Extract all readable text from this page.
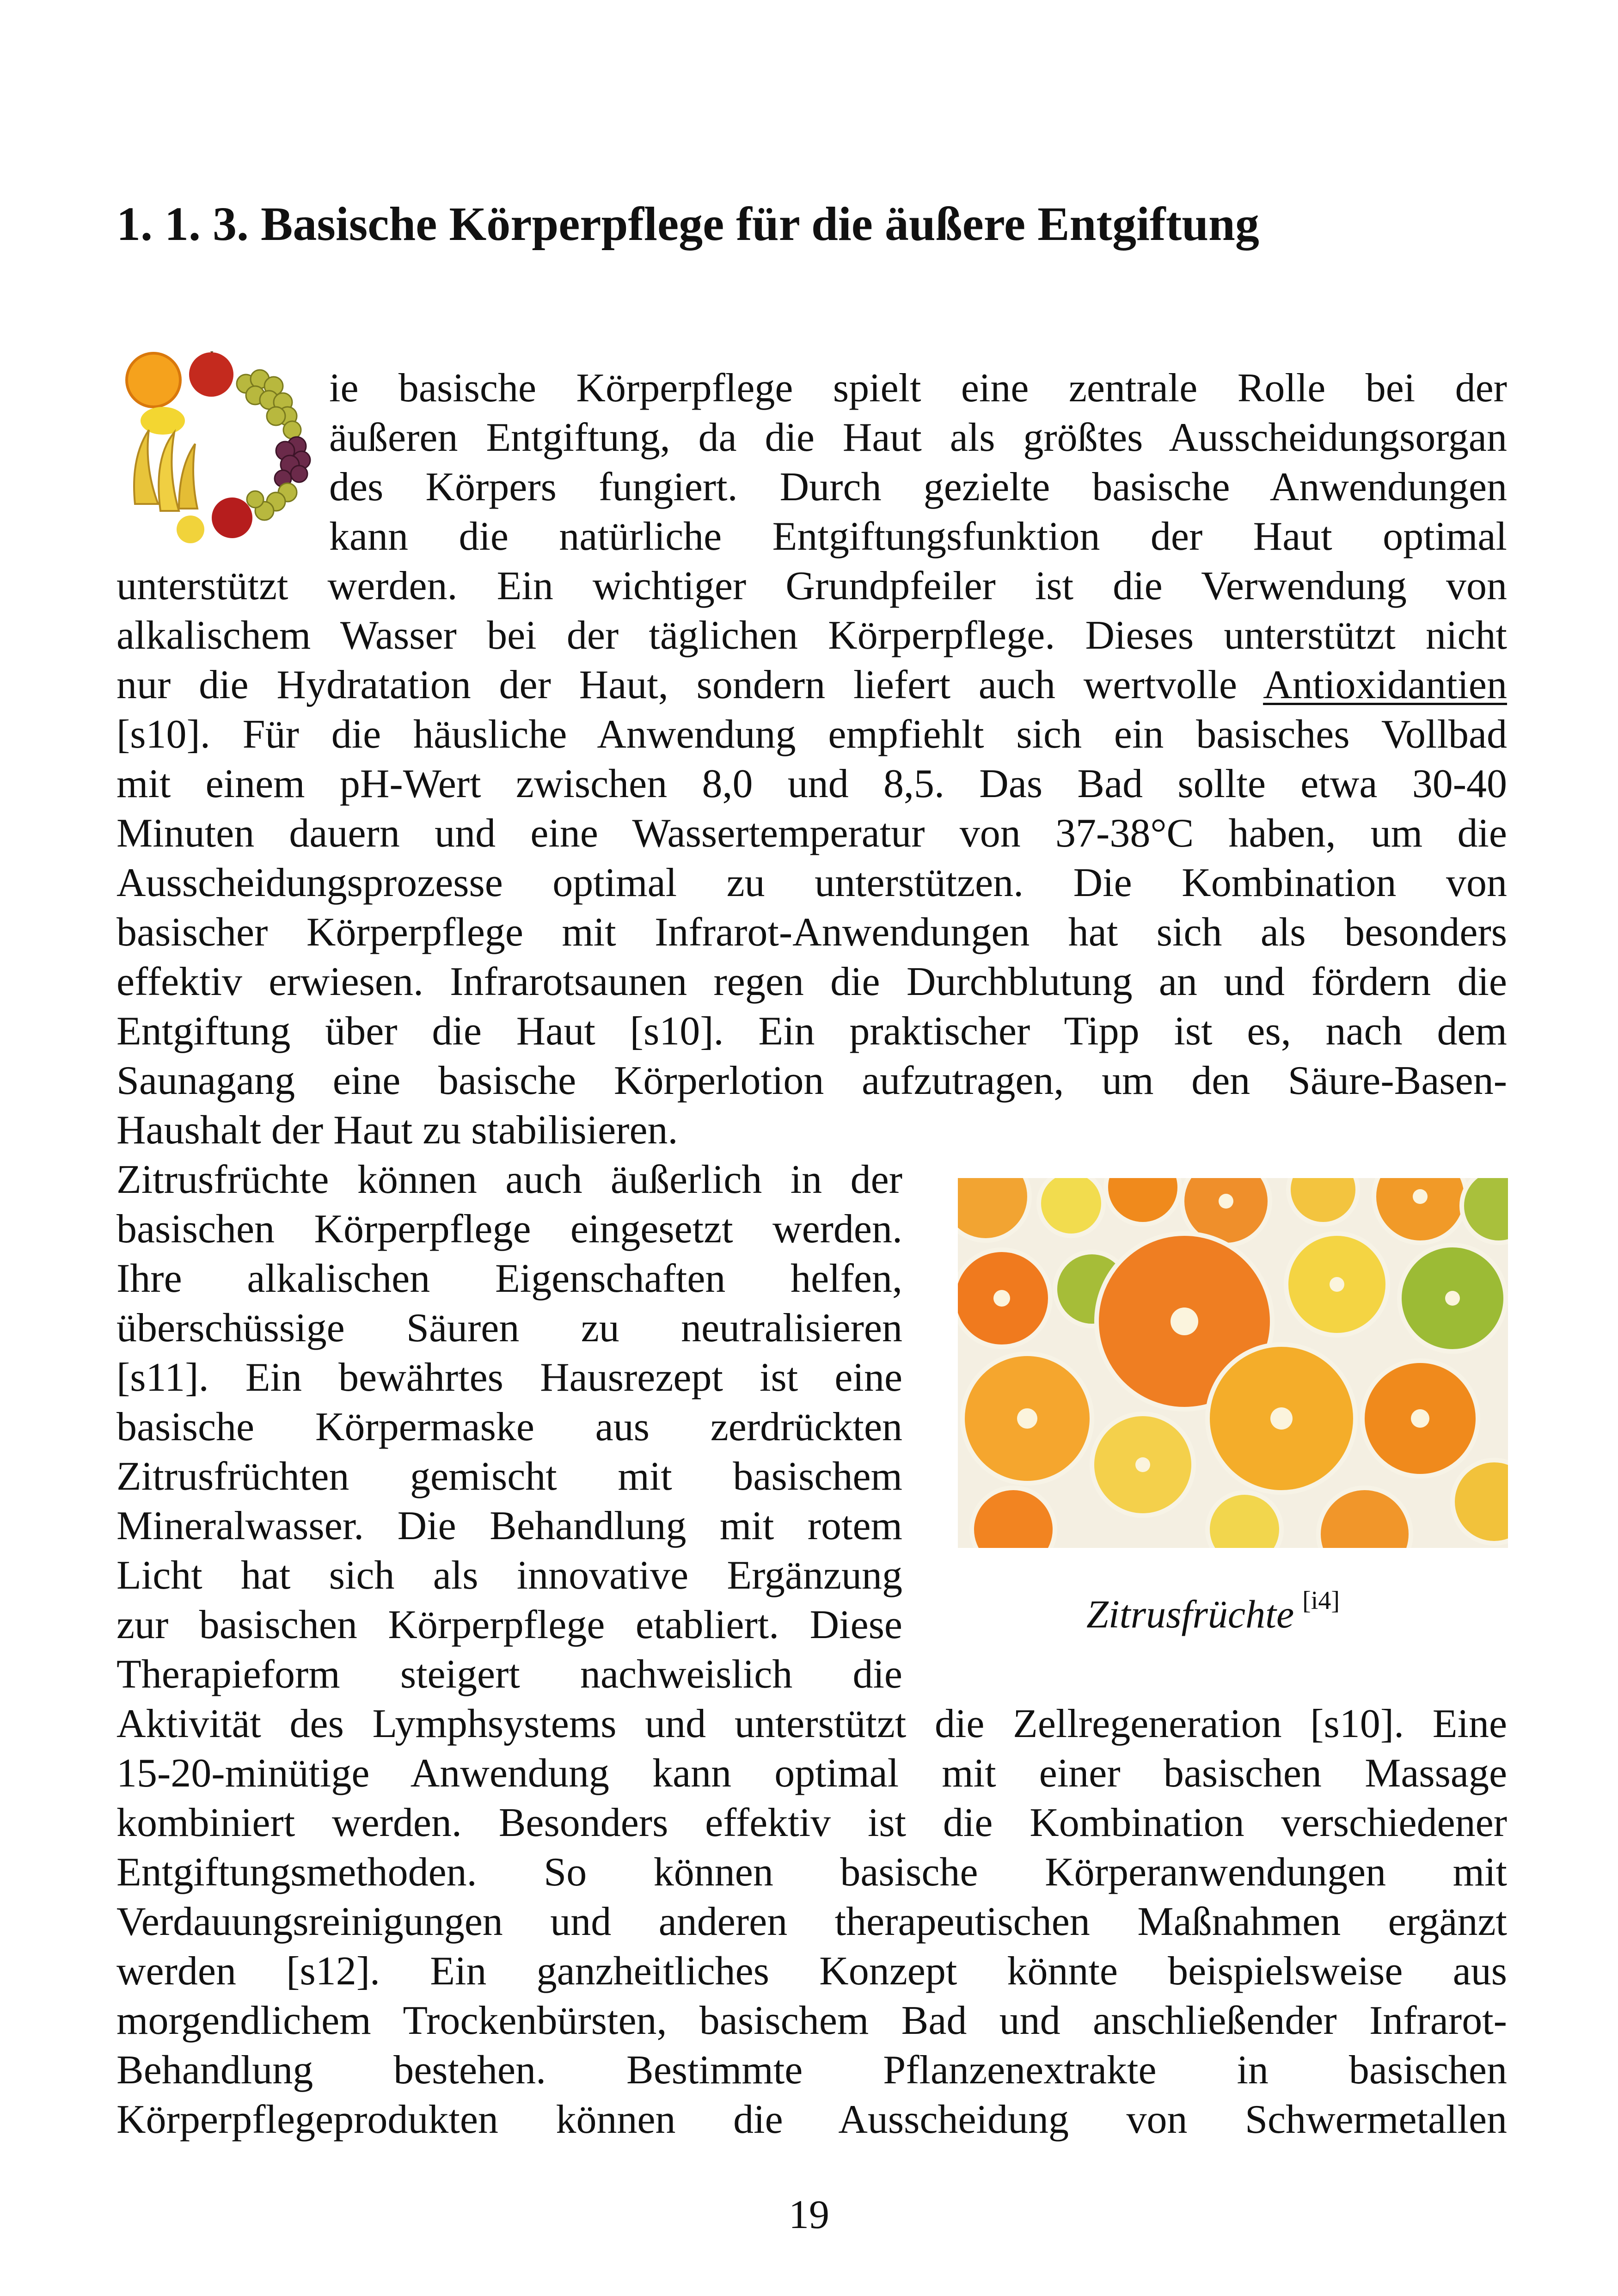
1. 1. 3. Basische Körperpflege für die äußere Entgiftung

ie basische Körperpflege spielt eine zentrale Rolle bei der

äußeren Entgiftung, da die Haut als größtes Ausscheidungsorgan

des Körpers fungiert. Durch gezielte basische Anwendungen

kann die natürliche Entgiftungsfunktion der Haut optimal

unterstützt werden. Ein wichtiger Grundpfeiler ist die Verwendung von

alkalischem Wasser bei der täglichen Körperpflege. Dieses unterstützt nicht

nur die Hydratation der Haut, sondern liefert auch wertvolle Antioxidantien

[s10]. Für die häusliche Anwendung empfiehlt sich ein basisches Vollbad

mit einem pH-Wert zwischen 8,0 und 8,5. Das Bad sollte etwa 30-40

Minuten dauern und eine Wassertemperatur von 37-38°C haben, um die

Ausscheidungsprozesse optimal zu unterstützen. Die Kombination von

basischer Körperpflege mit Infrarot-Anwendungen hat sich als besonders

effektiv erwiesen. Infrarotsaunen regen die Durchblutung an und fördern die

Entgiftung über die Haut [s10]. Ein praktischer Tipp ist es, nach dem

Saunagang eine basische Körperlotion aufzutragen, um den Säure-Basen-

Haushalt der Haut zu stabilisieren.

Zitrusfrüchte können auch äußerlich in der

basischen Körperpflege eingesetzt werden.

Ihre alkalischen Eigenschaften helfen,

überschüssige Säuren zu neutralisieren

[s11]. Ein bewährtes Hausrezept ist eine

basische Körpermaske aus zerdrückten

Zitrusfrüchten gemischt mit basischem

Mineralwasser. Die Behandlung mit rotem

Licht hat sich als innovative Ergänzung

zur basischen Körperpflege etabliert. Diese

Therapieform steigert nachweislich die

Zitrusfrüchte [i4]

Aktivität des Lymphsystems und unterstützt die Zellregeneration [s10]. Eine

15-20-minütige Anwendung kann optimal mit einer basischen Massage

kombiniert werden. Besonders effektiv ist die Kombination verschiedener

Entgiftungsmethoden. So können basische Körperanwendungen mit

Verdauungsreinigungen und anderen therapeutischen Maßnahmen ergänzt

werden [s12]. Ein ganzheitliches Konzept könnte beispielsweise aus

morgendlichem Trockenbürsten, basischem Bad und anschließender Infrarot-

Behandlung bestehen. Bestimmte Pflanzenextrakte in basischen

Körperpflegeprodukten können die Ausscheidung von Schwermetallen

19
